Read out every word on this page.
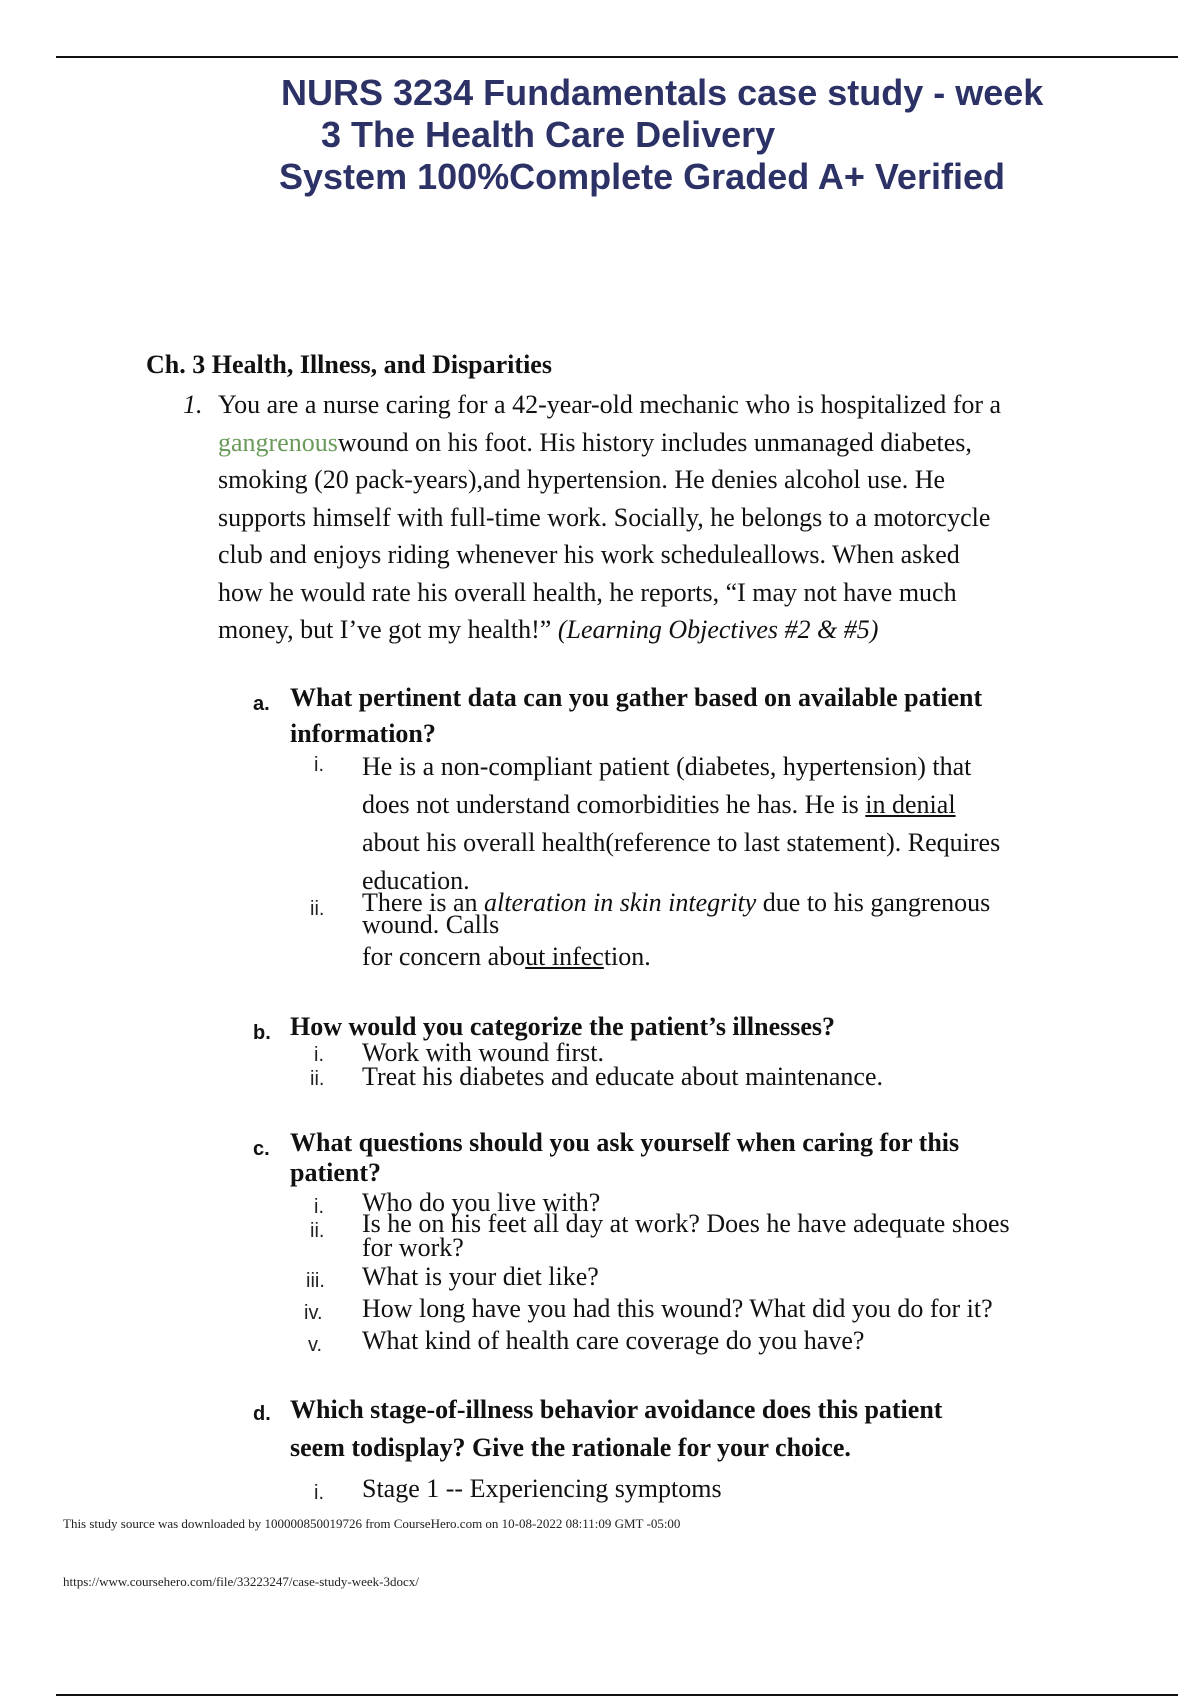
NURS 3234 Fundamentals case study - week
3 The Health Care Delivery
System 100%Complete Graded A+ Verified
Ch. 3 Health, Illness, and Disparities
1. You are a nurse caring for a 42-year-old mechanic who is hospitalized for a
gangrenouswound on his foot. His history includes unmanaged diabetes,
smoking (20 pack-years),and hypertension. He denies alcohol use. He
supports himself with full-time work. Socially, he belongs to a motorcycle
club and enjoys riding whenever his work scheduleallows. When asked
how he would rate his overall health, he reports, “I may not have much
money, but I’ve got my health!” (Learning Objectives #2 & #5)
a. What pertinent data can you gather based on available patient
information?
i. He is a non-compliant patient (diabetes, hypertension) that
does not understand comorbidities he has. He is in denial
about his overall health(reference to last statement). Requires
education.
ii. There is an alteration in skin integrity due to his gangrenous
wound. Calls
for concern about infection.
b. How would you categorize the patient’s illnesses?
i. Work with wound first.
ii. Treat his diabetes and educate about maintenance.
c. What questions should you ask yourself when caring for this
patient?
i. Who do you live with?
ii. Is he on his feet all day at work? Does he have adequate shoes
for work?
iii. What is your diet like?
iv. How long have you had this wound? What did you do for it?
v. What kind of health care coverage do you have?
d. Which stage-of-illness behavior avoidance does this patient
seem todisplay? Give the rationale for your choice.
i. Stage 1 -- Experiencing symptoms
This study source was downloaded by 100000850019726 from CourseHero.com on 10-08-2022 08:11:09 GMT -05:00
https://www.coursehero.com/file/33223247/case-study-week-3docx/
